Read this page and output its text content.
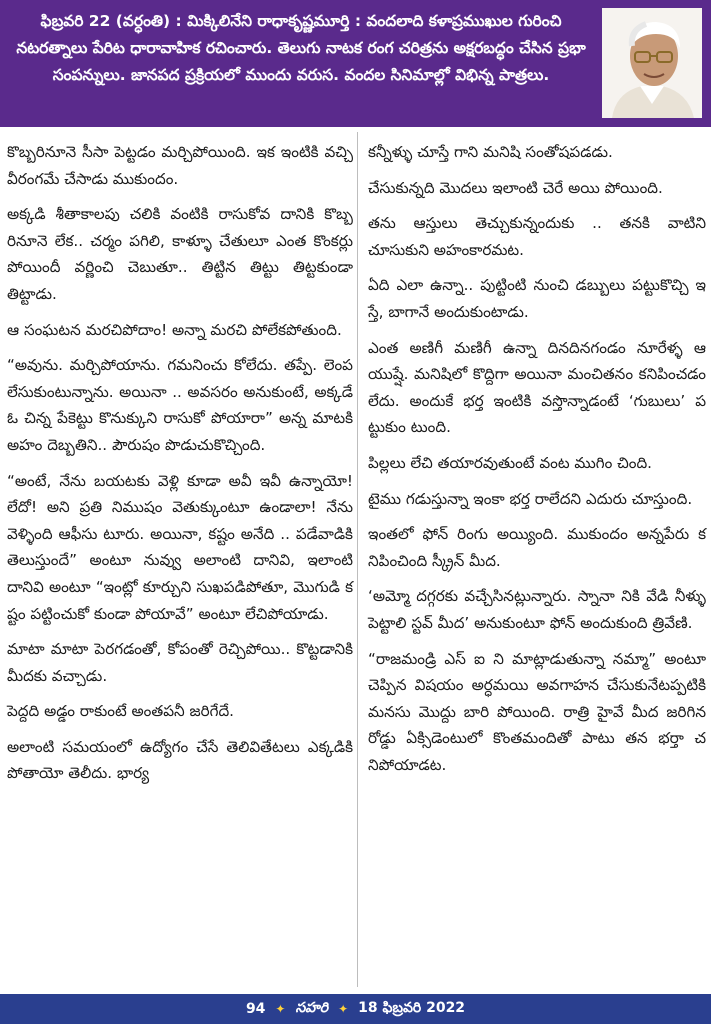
ఫిబ్రవరి 22 (వర్ధంతి) : మిక్కిలినేని రాధాకృష్ణమూర్తి : వందలాది కళాప్రముఖుల గురించి నటరత్నాలు పేరిట ధారావాహిక రచించారు. తెలుగు నాటక రంగ చరిత్రను అక్షరబద్ధం చేసిన ప్రభా సంపన్నులు. జానపద ప్రక్రియలో ముందు వరుస. వందల సినిమాల్లో విభిన్న పాత్రలు.

కొబ్బరినూనె సీసా పెట్టడం మర్చిపోయింది. ఇక ఇంటికి వచ్చి వీరంగమే చేసాడు ముకుందం.

అక్కడి శీతాకాలపు చలికి వంటికి రాసుకోవ దానికి కొబ్బరినూనె లేక.. చర్మం పగిలి, కాళ్ళూ చేతులూ ఎంత కొంకర్లు పోయిందీ వర్ణించి చెబుతూ.. తిట్టిన తిట్టు తిట్టకుండా తిట్టాడు.

ఆ సంఘటన మరచిపోదాం! అన్నా మరచి పోలేకపోతుంది.

“అవును. మర్చిపోయాను. గమనించు కోలేదు. తప్పే. లెంప లేసుకుంటున్నాను. అయినా .. అవసరం అనుకుంటే, అక్కడే ఓ చిన్న పేకెట్టు కొనుక్కుని రాసుకో పోయారా” అన్న మాటకి అహం దెబ్బతిని.. పౌరుషం పొడుచుకొచ్చింది.

“అంటే, నేను బయటకు వెళ్లి కూడా అవీ ఇవీ ఉన్నాయో! లేదో! అని ప్రతి నిముషం వెతుక్కుంటూ ఉండాలా! నేను వెళ్ళింది ఆఫీసు టూరు. అయినా, కష్టం అనేది .. పడేవాడికి తెలుస్తుందే” అంటూ నువ్వు అలాంటి దానివి, ఇలాంటి దానివి అంటూ “ఇంట్లో కూర్చుని సుఖపడిపోతూ, మొగుడి కష్టం పట్టించుకో కుండా పోయావే” అంటూ లేచిపోయాడు.

మాటా మాటా పెరగడంతో, కోపంతో రెచ్చిపోయి.. కొట్టడానికి మీదకు వచ్చాడు.

పెద్దది అడ్డం రాకుంటే అంతపనీ జరిగేదే.

అలాంటి సమయంలో ఉద్యోగం చేసే తెలివితేటలు ఎక్కడికి పోతాయో తెలీదు. భార్య

కన్నీళ్ళు చూస్తే గాని మనిషి సంతోషపడడు.

చేసుకున్నది మొదలు ఇలాంటి చెరే అయి పోయింది.

తను ఆస్తులు తెచ్చుకున్నందుకు .. తనకి వాటిని చూసుకుని అహంకారమట.

ఏది ఎలా ఉన్నా.. పుట్టింటి నుంచి డబ్బులు పట్టుకొచ్చి ఇస్తే, బాగానే అందుకుంటాడు.

ఎంత అణిగీ మణిగీ ఉన్నా దినదినగండం నూరేళ్ళ ఆయుష్షే. మనిషిలో కొద్దిగా అయినా మంచితనం కనిపించడం లేదు. అందుకే భర్త ఇంటికి వస్తొన్నాడంటే ‘గుబులు’ పట్టుకుం టుంది.

పిల్లలు లేచి తయారవుతుంటే వంట ముగిం చింది.

టైము గడుస్తున్నా ఇంకా భర్త రాలేదని ఎదురు చూస్తుంది.

ఇంతలో ఫోన్ రింగు అయ్యింది. ముకుందం అన్నపేరు కనిపించింది స్క్రీన్ మీద.

‘అమ్మో దగ్గరకు వచ్చేసినట్లున్నారు. స్నానా నికి వేడి నీళ్ళు పెట్టాలి స్టవ్ మీద’ అనుకుంటూ ఫోన్ అందుకుంది త్రివేణి.

“రాజమండ్రి ఎస్ ఐ ని మాట్లాడుతున్నా నమ్మా” అంటూ చెప్పిన విషయం అర్ధమయి అవగాహన చేసుకునేటప్పటికి మనసు మొద్దు బారి పోయింది. రాత్రి హైవే మీద జరిగిన రోడ్డు ఏక్సిడెంటులో కొంతమందితో పాటు తన భర్తా చనిపోయాడట.

94 ✦ సహరి ✦ 18 ఫిబ్రవరి 2022
